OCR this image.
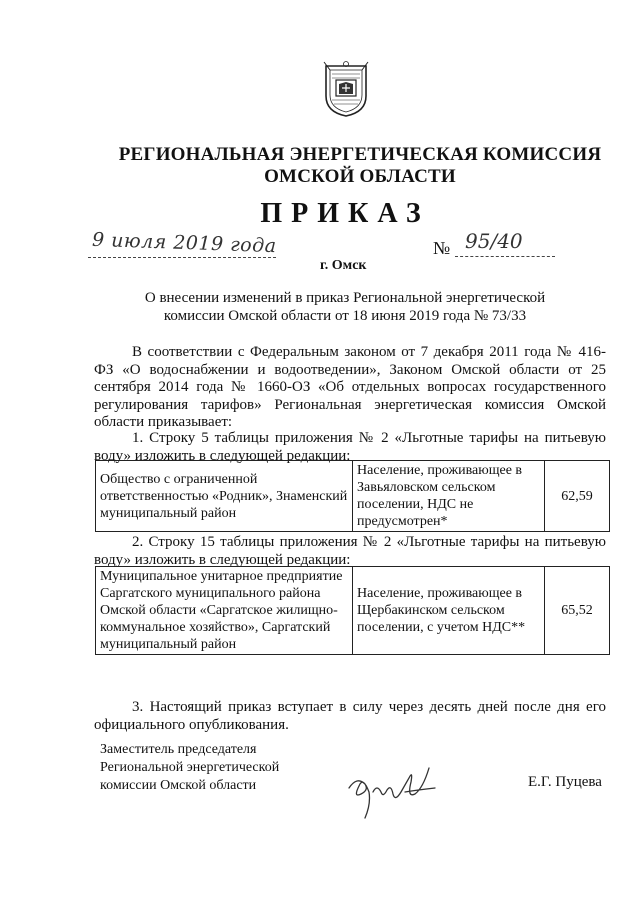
РЕГИОНАЛЬНАЯ ЭНЕРГЕТИЧЕСКАЯ КОМИССИЯ
ОМСКОЙ ОБЛАСТИ
ПРИКАЗ
9 июля 2019 года	№ 95/40
г. Омск
О внесении изменений в приказ Региональной энергетической
комиссии Омской области от 18 июня 2019 года № 73/33
В соответствии с Федеральным законом от 7 декабря 2011 года № 416-
ФЗ «О водоснабжении и водоотведении», Законом Омской области от 25
сентября 2014 года № 1660-ОЗ «Об отдельных вопросах государственного
регулирования тарифов» Региональная энергетическая комиссия Омской
области приказывает:
1. Строку 5 таблицы приложения № 2 «Льготные тарифы на питьевую
воду» изложить в следующей редакции:
Общество с ограниченной ответственностью «Родник», Знаменский муниципальный район	Население, проживающее в Завьяловском сельском поселении, НДС не предусмотрен*	62,59
2. Строку 15 таблицы приложения № 2 «Льготные тарифы на питьевую
воду» изложить в следующей редакции:
Муниципальное унитарное предприятие Саргатского муниципального района Омской области «Саргатское жилищно-коммунальное хозяйство», Саргатский муниципальный район	Население, проживающее в Щербакинском сельском поселении, с учетом НДС**	65,52
3. Настоящий приказ вступает в силу через десять дней после дня его
официального опубликования.
Заместитель председателя
Региональной энергетической
комиссии Омской области	Е.Г. Пуцева
